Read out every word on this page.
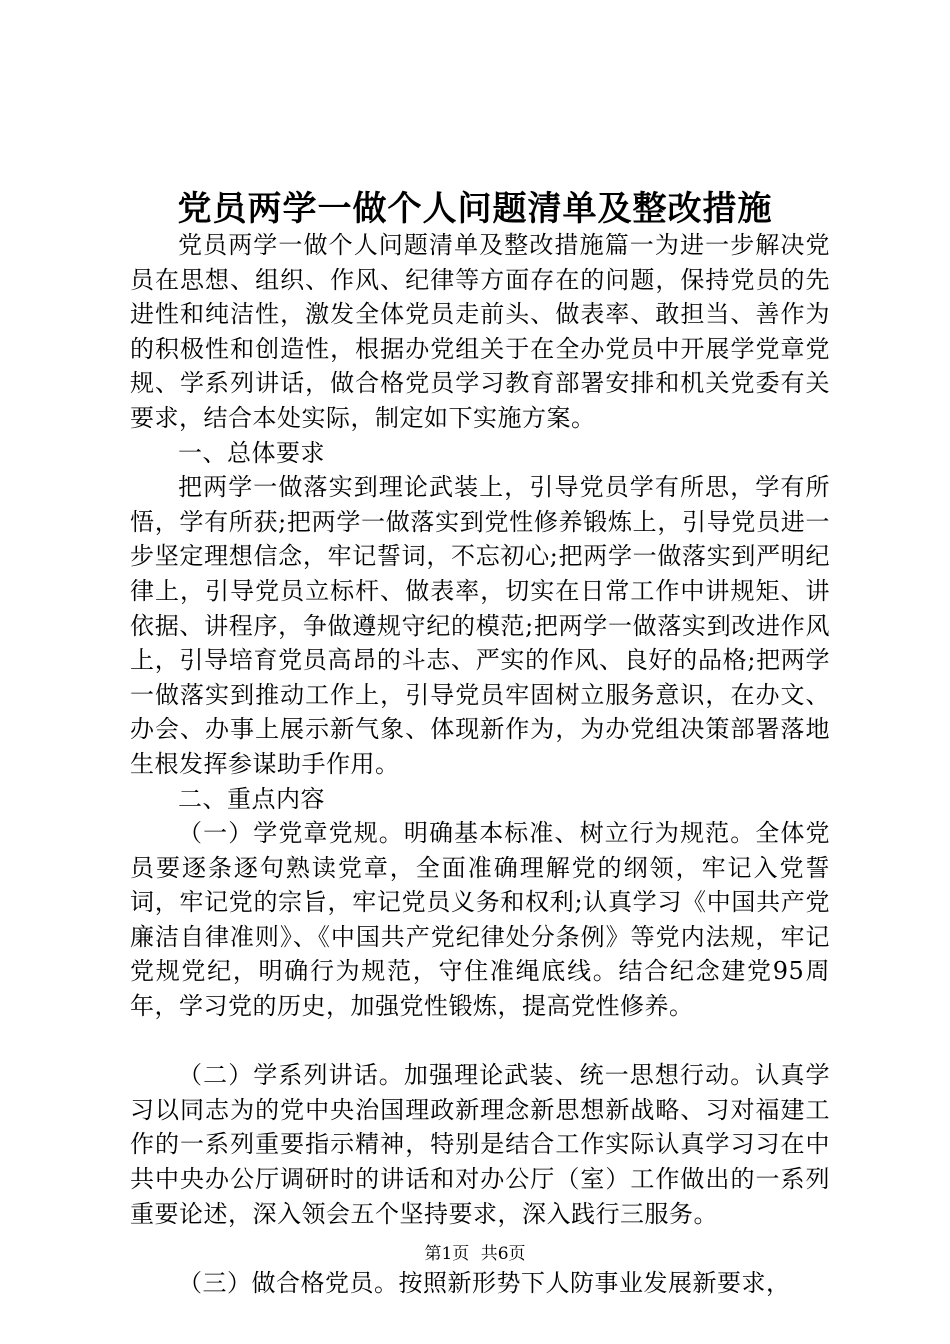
党员两学一做个人问题清单及整改措施

党员两学一做个人问题清单及整改措施篇一为进一步解决党员在思想、组织、作风、纪律等方面存在的问题，保持党员的先进性和纯洁性，激发全体党员走前头、做表率、敢担当、善作为的积极性和创造性，根据办党组关于在全办党员中开展学党章党规、学系列讲话，做合格党员学习教育部署安排和机关党委有关要求，结合本处实际，制定如下实施方案。

一、总体要求

把两学一做落实到理论武装上，引导党员学有所思，学有所悟，学有所获;把两学一做落实到党性修养锻炼上，引导党员进一步坚定理想信念，牢记誓词，不忘初心;把两学一做落实到严明纪律上，引导党员立标杆、做表率，切实在日常工作中讲规矩、讲依据、讲程序，争做遵规守纪的模范;把两学一做落实到改进作风上，引导培育党员高昂的斗志、严实的作风、良好的品格;把两学一做落实到推动工作上，引导党员牢固树立服务意识，在办文、办会、办事上展示新气象、体现新作为，为办党组决策部署落地生根发挥参谋助手作用。

二、重点内容

（一）学党章党规。明确基本标准、树立行为规范。全体党员要逐条逐句熟读党章，全面准确理解党的纲领，牢记入党誓词，牢记党的宗旨，牢记党员义务和权利;认真学习《中国共产党廉洁自律准则》、《中国共产党纪律处分条例》等党内法规，牢记党规党纪，明确行为规范，守住准绳底线。结合纪念建党95周年，学习党的历史，加强党性锻炼，提高党性修养。

（二）学系列讲话。加强理论武装、统一思想行动。认真学习以同志为的党中央治国理政新理念新思想新战略、习对福建工作的一系列重要指示精神，特别是结合工作实际认真学习习在中共中央办公厅调研时的讲话和对办公厅（室）工作做出的一系列重要论述，深入领会五个坚持要求，深入践行三服务。

（三）做合格党员。按照新形势下人防事业发展新要求，

第1页 共6页
